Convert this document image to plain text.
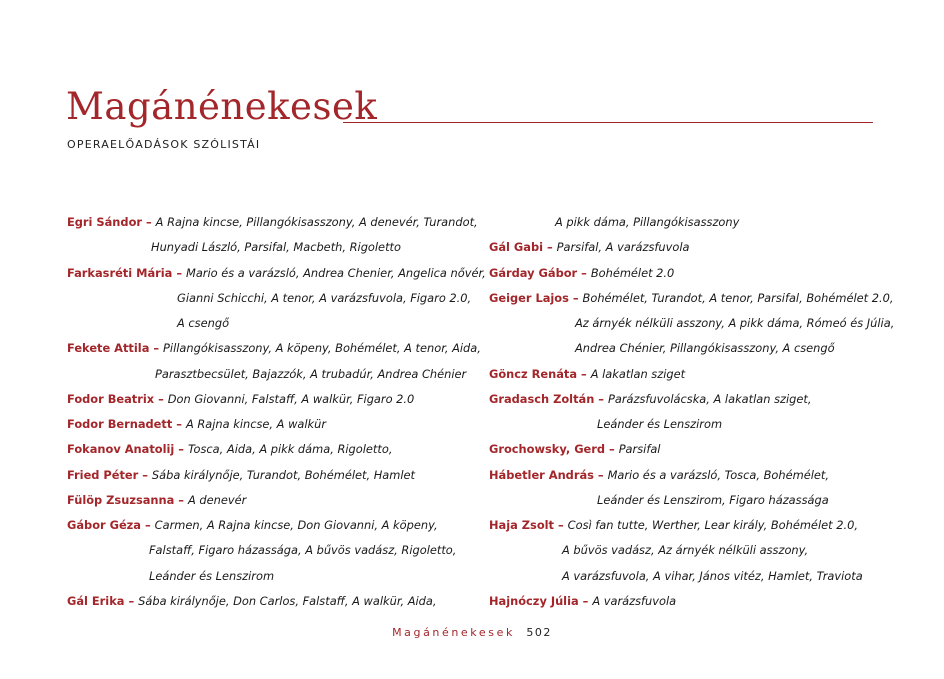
Magánénekesek
OPERAELŐADÁSOK SZÓLISTÁI
Egri Sándor – A Rajna kincse, Pillangókisasszony, A denevér, Turandot,
Hunyadi László, Parsifal, Macbeth, Rigoletto
Farkasréti Mária – Mario és a varázsló, Andrea Chenier, Angelica nővér,
Gianni Schicchi, A tenor, A varázsfuvola, Figaro 2.0,
A csengő
Fekete Attila – Pillangókisasszony, A köpeny, Bohémélet, A tenor, Aida,
Parasztbecsület, Bajazzók, A trubadúr, Andrea Chénier
Fodor Beatrix – Don Giovanni, Falstaff, A walkür, Figaro 2.0
Fodor Bernadett – A Rajna kincse, A walkür
Fokanov Anatolij – Tosca, Aida, A pikk dáma, Rigoletto,
Fried Péter – Sába királynője, Turandot, Bohémélet, Hamlet
Fülöp Zsuzsanna – A denevér
Gábor Géza – Carmen, A Rajna kincse, Don Giovanni, A köpeny,
Falstaff, Figaro házassága, A bűvös vadász, Rigoletto,
Leánder és Lenszirom
Gál Erika – Sába királynője, Don Carlos, Falstaff, A walkür, Aida,
A pikk dáma, Pillangókisasszony
Gál Gabi – Parsifal, A varázsfuvola
Gárday Gábor – Bohémélet 2.0
Geiger Lajos – Bohémélet, Turandot, A tenor, Parsifal, Bohémélet 2.0,
Az árnyék nélküli asszony, A pikk dáma, Rómeó és Júlia,
Andrea Chénier, Pillangókisasszony, A csengő
Göncz Renáta – A lakatlan sziget
Gradasch Zoltán – Parázsfuvolácska, A lakatlan sziget,
Leánder és Lenszirom
Grochowsky, Gerd – Parsifal
Hábetler András – Mario és a varázsló, Tosca, Bohémélet,
Leánder és Lenszirom, Figaro házassága
Haja Zsolt – Così fan tutte, Werther, Lear király, Bohémélet 2.0,
A bűvös vadász, Az árnyék nélküli asszony,
A varázsfuvola, A vihar, János vitéz, Hamlet, Traviota
Hajnóczy Júlia – A varázsfuvola
Magánénekesek 502
